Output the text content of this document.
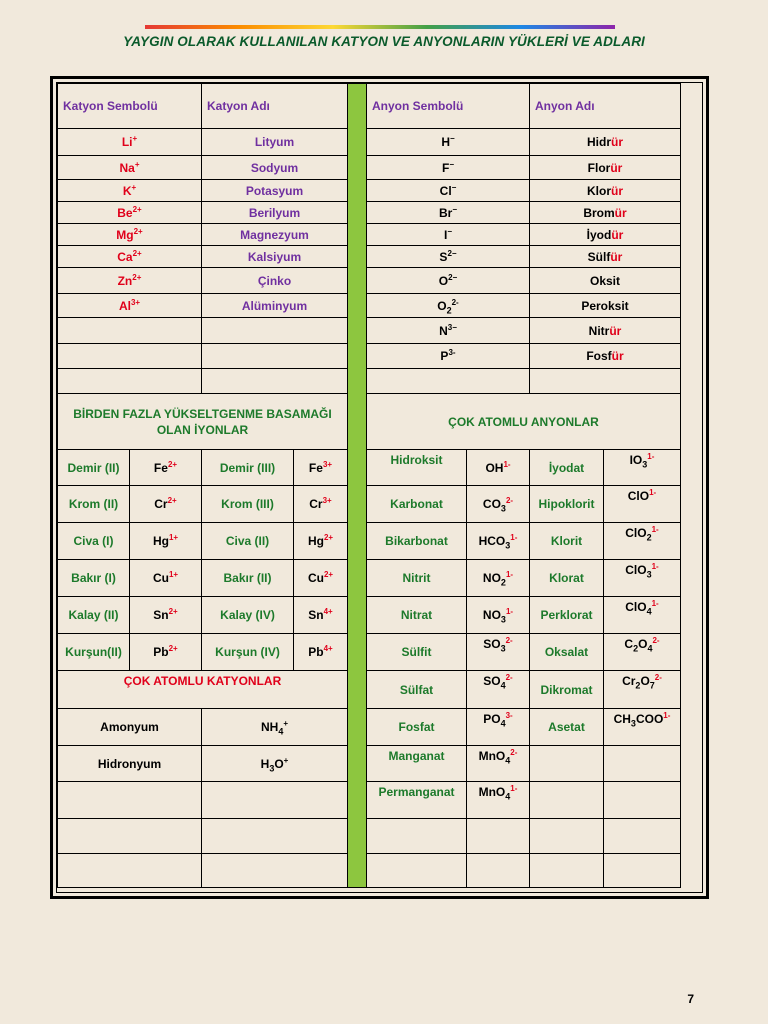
YAYGIN OLARAK KULLANILAN KATYON VE ANYONLARIN YÜKLERİ VE ADLARI
Katyon Sembolü		Katyon Adı			Anyon Sembolü		Anyon Adı	
Li+		Lityum			H−		Hidrür	
Na+		Sodyum			F−		Florür	
K+		Potasyum			Cl−		Klorür	
$Be^{2+}$		Berilyum			Br−		Bromür	
$Mg^{2+}$		Magnezyum			I−		İyodür	
$Ca^{2+}$		Kalsiyum			$S^{2-}$		Sülfür	
$Zn^{2+}$		Çinko			$O^{2-}$		Oksit	
$Al^{3+}$		Alüminyum			$O_2^{2-}$		Peroksit	
					$N^{3-}$		Nitrür	
					$P^{3-}$		Fosfür	

BİRDEN FAZLA YÜKSELTGENME BASAMAĞI OLAN İYONLAR					ÇOK ATOMLU ANYONLAR			
Demir (II)	$Fe^{2+}$	Demir (III)	$Fe^{3+}$		Hidroksit	$OH^{1-}$	İyodat	$IO_3^{1-}$
Krom (II)	$Cr^{2+}$	Krom (III)	$Cr^{3+}$		Karbonat	$CO_3^{2-}$	Hipoklorit	ClO$^{1-}$
Civa (I)	$Hg^{1+}$	Civa (II)	$Hg^{2+}$		Bikarbonat	$HCO_3^{1-}$	Klorit	ClO$_2^{1-}$
Bakır (I)	$Cu^{1+}$	Bakır (II)	$Cu^{2+}$		Nitrit	$NO_2^{1-}$	Klorat	ClO$_3^{1-}$
Kalay (II)	$Sn^{2+}$	Kalay (IV)	$Sn^{4+}$		Nitrat	$NO_3^{1-}$	Perklorat	ClO$_4^{1-}$
Kurşun(II)	$Pb^{2+}$	Kurşun (IV)	$Pb^{4+}$		Sülfit	$SO_3^{2-}$	Oksalat	$C_2O_4^{2-}$
ÇOK ATOMLU KATYONLAR					Sülfat	$SO_4^{2-}$	Dikromat	$Cr_2O_7^{2-}$
Amonyum		$NH_4^+$			Fosfat	$PO_4^{3-}$	Asetat	$CH_3COO^{1-}$
Hidronyum		$H_3O^+$			Manganat	MnO$_4^{2-}$		
					Permanganat	MnO$_4^{1-}$		

7
